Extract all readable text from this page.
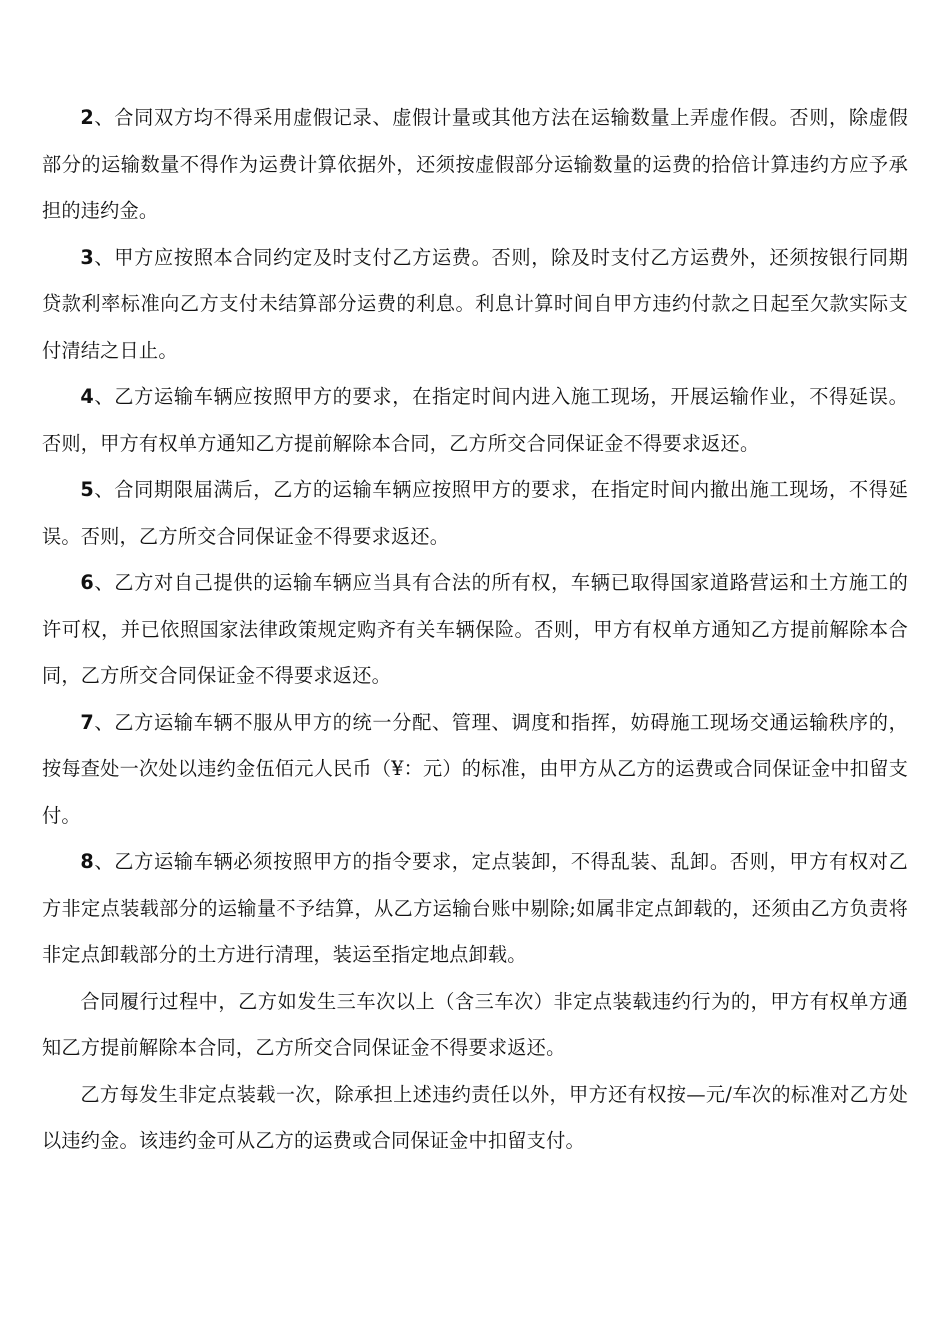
2、合同双方均不得采用虚假记录、虚假计量或其他方法在运输数量上弄虚作假。否则，除虚假部分的运输数量不得作为运费计算依据外，还须按虚假部分运输数量的运费的拾倍计算违约方应予承担的违约金。

3、甲方应按照本合同约定及时支付乙方运费。否则，除及时支付乙方运费外，还须按银行同期贷款利率标准向乙方支付未结算部分运费的利息。利息计算时间自甲方违约付款之日起至欠款实际支付清结之日止。

4、乙方运输车辆应按照甲方的要求，在指定时间内进入施工现场，开展运输作业，不得延误。否则，甲方有权单方通知乙方提前解除本合同，乙方所交合同保证金不得要求返还。

5、合同期限届满后，乙方的运输车辆应按照甲方的要求，在指定时间内撤出施工现场，不得延误。否则，乙方所交合同保证金不得要求返还。

6、乙方对自己提供的运输车辆应当具有合法的所有权，车辆已取得国家道路营运和土方施工的许可权，并已依照国家法律政策规定购齐有关车辆保险。否则，甲方有权单方通知乙方提前解除本合同，乙方所交合同保证金不得要求返还。

7、乙方运输车辆不服从甲方的统一分配、管理、调度和指挥，妨碍施工现场交通运输秩序的，按每查处一次处以违约金伍佰元人民币（¥：元）的标准，由甲方从乙方的运费或合同保证金中扣留支付。

8、乙方运输车辆必须按照甲方的指令要求，定点装卸，不得乱装、乱卸。否则，甲方有权对乙方非定点装载部分的运输量不予结算，从乙方运输台账中剔除;如属非定点卸载的，还须由乙方负责将非定点卸载部分的土方进行清理，装运至指定地点卸载。

合同履行过程中，乙方如发生三车次以上（含三车次）非定点装载违约行为的，甲方有权单方通知乙方提前解除本合同，乙方所交合同保证金不得要求返还。

乙方每发生非定点装载一次，除承担上述违约责任以外，甲方还有权按—元/车次的标准对乙方处以违约金。该违约金可从乙方的运费或合同保证金中扣留支付。
